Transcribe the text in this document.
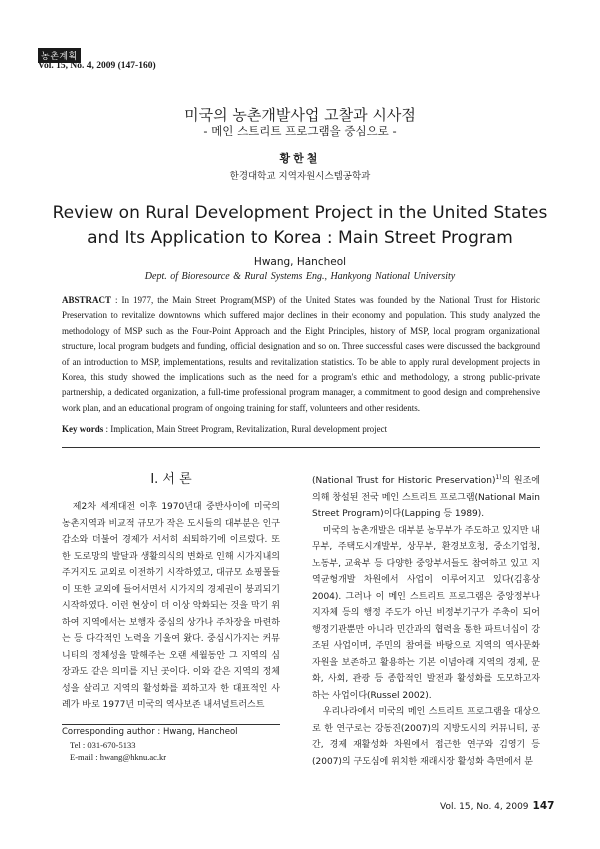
농촌계획
Vol. 15, No. 4, 2009 (147-160)
미국의 농촌개발사업 고찰과 시사점
- 메인 스트리트 프로그램을 중심으로 -
황한철
한경대학교 지역자원시스템공학과
Review on Rural Development Project in the United States
and Its Application to Korea : Main Street Program
Hwang, Hancheol
Dept. of Bioresource & Rural Systems Eng., Hankyong National University
ABSTRACT : In 1977, the Main Street Program(MSP) of the United States was founded by the National Trust for Historic Preservation to revitalize downtowns which suffered major declines in their economy and population. This study analyzed the methodology of MSP such as the Four-Point Approach and the Eight Principles, history of MSP, local program organizational structure, local program budgets and funding, official designation and so on. Three successful cases were discussed the background of an introduction to MSP, implementations, results and revitalization statistics. To be able to apply rural development projects in Korea, this study showed the implications such as the need for a program's ethic and methodology, a strong public-private partnership, a dedicated organization, a full-time professional program manager, a commitment to good design and comprehensive work plan, and an educational program of ongoing training for staff, volunteers and other residents.
Key words : Implication, Main Street Program, Revitalization, Rural development project
I. 서 론

제2차 세계대전 이후 1970년대 중반사이에 미국의 농촌지역과 비교적 규모가 작은 도시들의 대부분은 인구감소와 더불어 경제가 서서히 쇠퇴하기에 이르렀다. 또한 도로망의 발달과 생활의식의 변화로 인해 시가지내의 주거지도 교외로 이전하기 시작하였고, 대규모 쇼핑몰들이 또한 교외에 들어서면서 시가지의 경제권이 붕괴되기 시작하였다. 이런 현상이 더 이상 악화되는 것을 막기 위하여 지역에서는 보행자 중심의 상가나 주차장을 마련하는 등 다각적인 노력을 기울여 왔다. 중심시가지는 커뮤니티의 정체성을 말해주는 오랜 세월동안 그 지역의 심장과도 같은 의미를 지닌 곳이다. 이와 같은 지역의 정체성을 살리고 지역의 활성화를 꾀하고자 한 대표적인 사례가 바로 1977년 미국의 역사보존 내셔널트러스트

Corresponding author : Hwang, Hancheol
Tel : 031-670-5133
E-mail : hwang@hknu.ac.kr

(National Trust for Historic Preservation)$^{1)}$의 원조에 의해 창설된 전국 메인 스트리트 프로그램(National Main Street Program)이다(Lapping 등 1989).

미국의 농촌개발은 대부분 농무부가 주도하고 있지만 내무부, 주택도시개발부, 상무부, 환경보호청, 중소기업청, 노동부, 교육부 등 다양한 중앙부서들도 참여하고 있고 지역균형개발 차원에서 사업이 이루어지고 있다(김홍상 2004). 그러나 이 메인 스트리트 프로그램은 중앙정부나 지자체 등의 행정 주도가 아닌 비정부기구가 주축이 되어 행정기관뿐만 아니라 민간과의 협력을 통한 파트너십이 강조된 사업이며, 주민의 참여를 바탕으로 지역의 역사문화자원을 보존하고 활용하는 기본 이념아래 지역의 경제, 문화, 사회, 관광 등 종합적인 발전과 활성화를 도모하고자 하는 사업이다(Russel 2002).

우리나라에서 미국의 메인 스트리트 프로그램을 대상으로 한 연구로는 강동진(2007)의 지방도시의 커뮤니티, 공간, 경제 재활성화 차원에서 접근한 연구와 김영기 등(2007)의 구도심에 위치한 재래시장 활성화 측면에서 분

Vol. 15, No. 4, 2009 147
